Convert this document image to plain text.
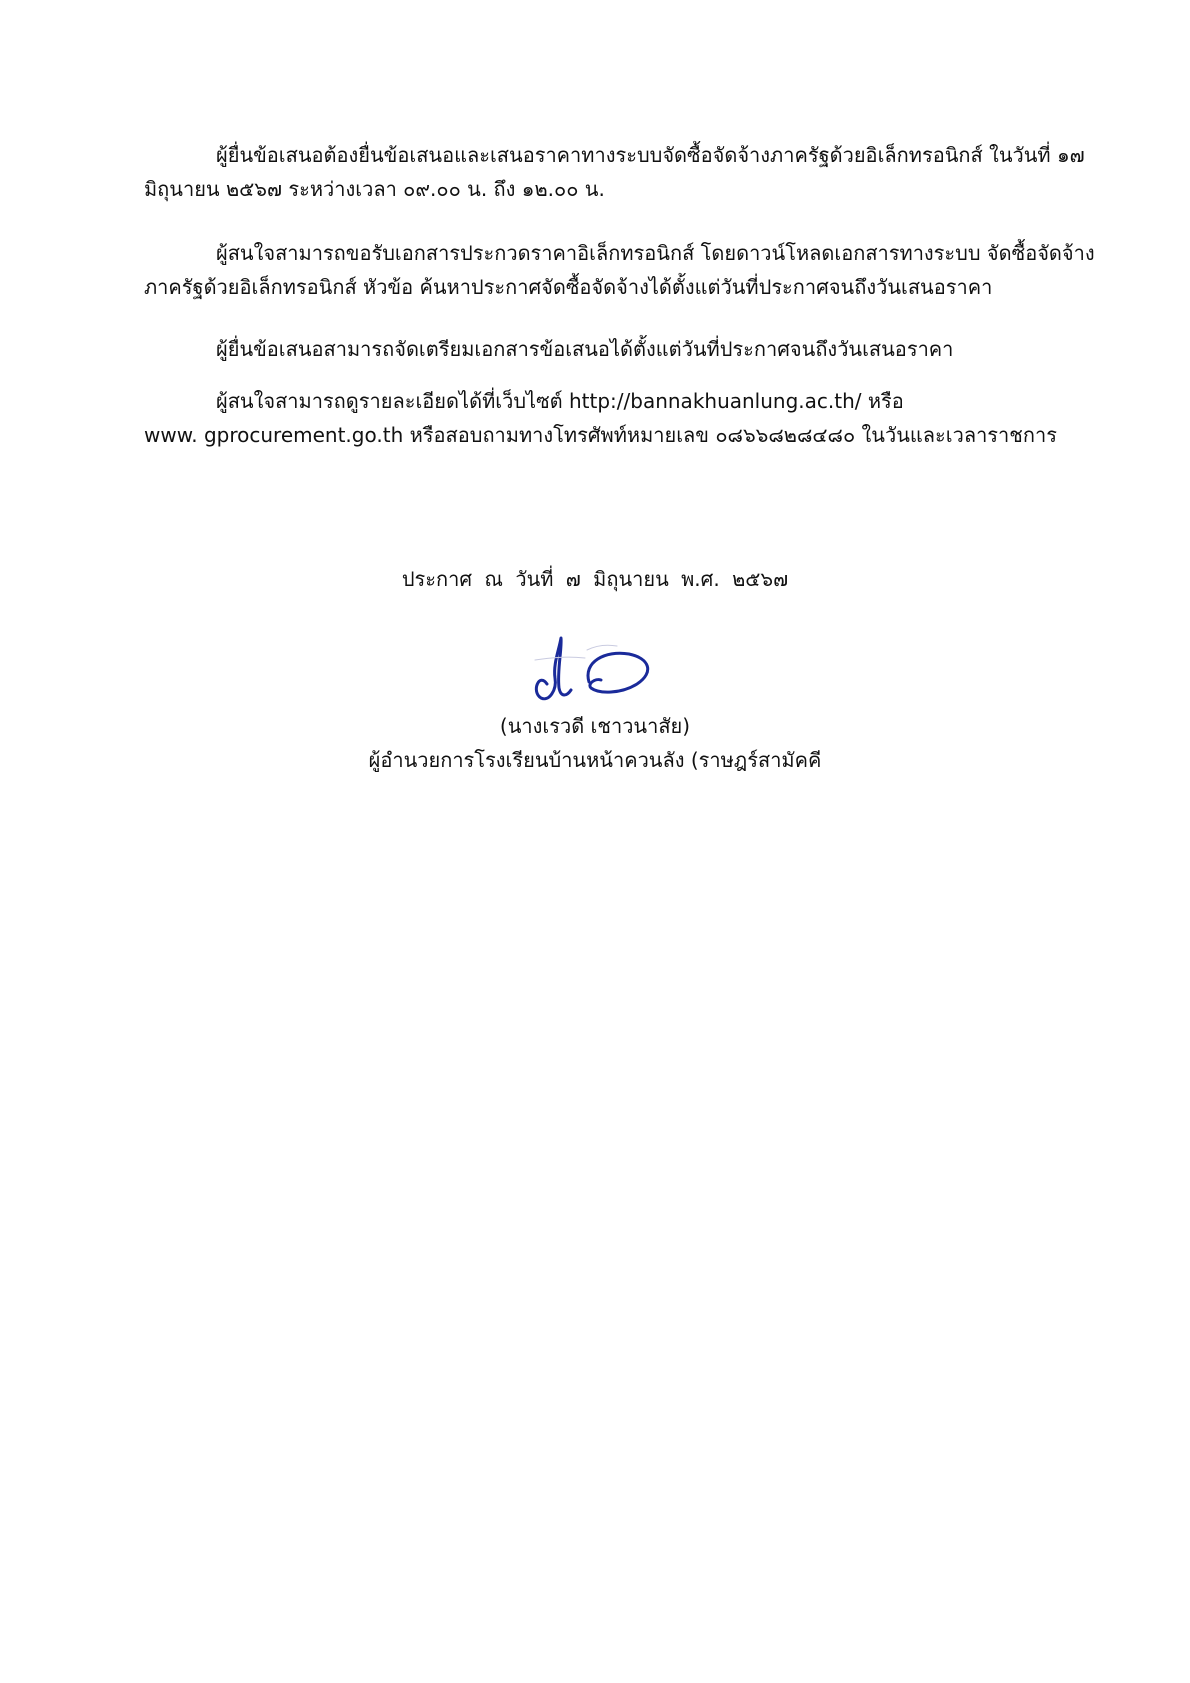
ผู้ยื่นข้อเสนอต้องยื่นข้อเสนอและเสนอราคาทางระบบจัดซื้อจัดจ้างภาครัฐด้วยอิเล็กทรอนิกส์ ในวันที่ ๑๗
มิถุนายน ๒๕๖๗ ระหว่างเวลา ๐๙.๐๐ น. ถึง ๑๒.๐๐ น.
ผู้สนใจสามารถขอรับเอกสารประกวดราคาอิเล็กทรอนิกส์ โดยดาวน์โหลดเอกสารทางระบบ จัดซื้อจัดจ้าง
ภาครัฐด้วยอิเล็กทรอนิกส์ หัวข้อ ค้นหาประกาศจัดซื้อจัดจ้างได้ตั้งแต่วันที่ประกาศจนถึงวันเสนอราคา
ผู้ยื่นข้อเสนอสามารถจัดเตรียมเอกสารข้อเสนอได้ตั้งแต่วันที่ประกาศจนถึงวันเสนอราคา
ผู้สนใจสามารถดูรายละเอียดได้ที่เว็บไซต์ http://bannakhuanlung.ac.th/ หรือ
www. gprocurement.go.th หรือสอบถามทางโทรศัพท์หมายเลข ๐๘๖๖๘๒๘๔๘๐ ในวันและเวลาราชการ
ประกาศ ณ วันที่ ๗ มิถุนายน พ.ศ. ๒๕๖๗
(นางเรวดี เชาวนาสัย)
ผู้อำนวยการโรงเรียนบ้านหน้าควนลัง (ราษฎร์สามัคคี
